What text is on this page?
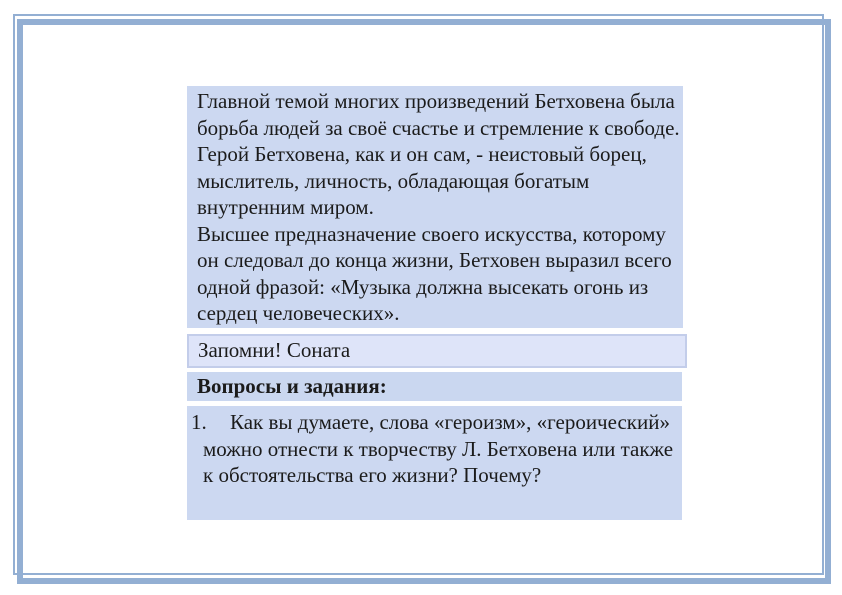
Главной темой многих произведений Бетховена была борьба людей за своё счастье и стремление к свободе. Герой Бетховена, как и он сам, - неистовый борец, мыслитель, личность, обладающая богатым внутренним миром.

Высшее предназначение своего искусства, которому он следовал до конца жизни, Бетховен выразил всего одной фразой: «Музыка должна высекать огонь из сердец человеческих».

Запомни! Соната
Вопросы и задания:
1. Как вы думаете, слова «героизм», «героический» можно отнести к творчеству Л. Бетховена или также к обстоятельства его жизни? Почему?
